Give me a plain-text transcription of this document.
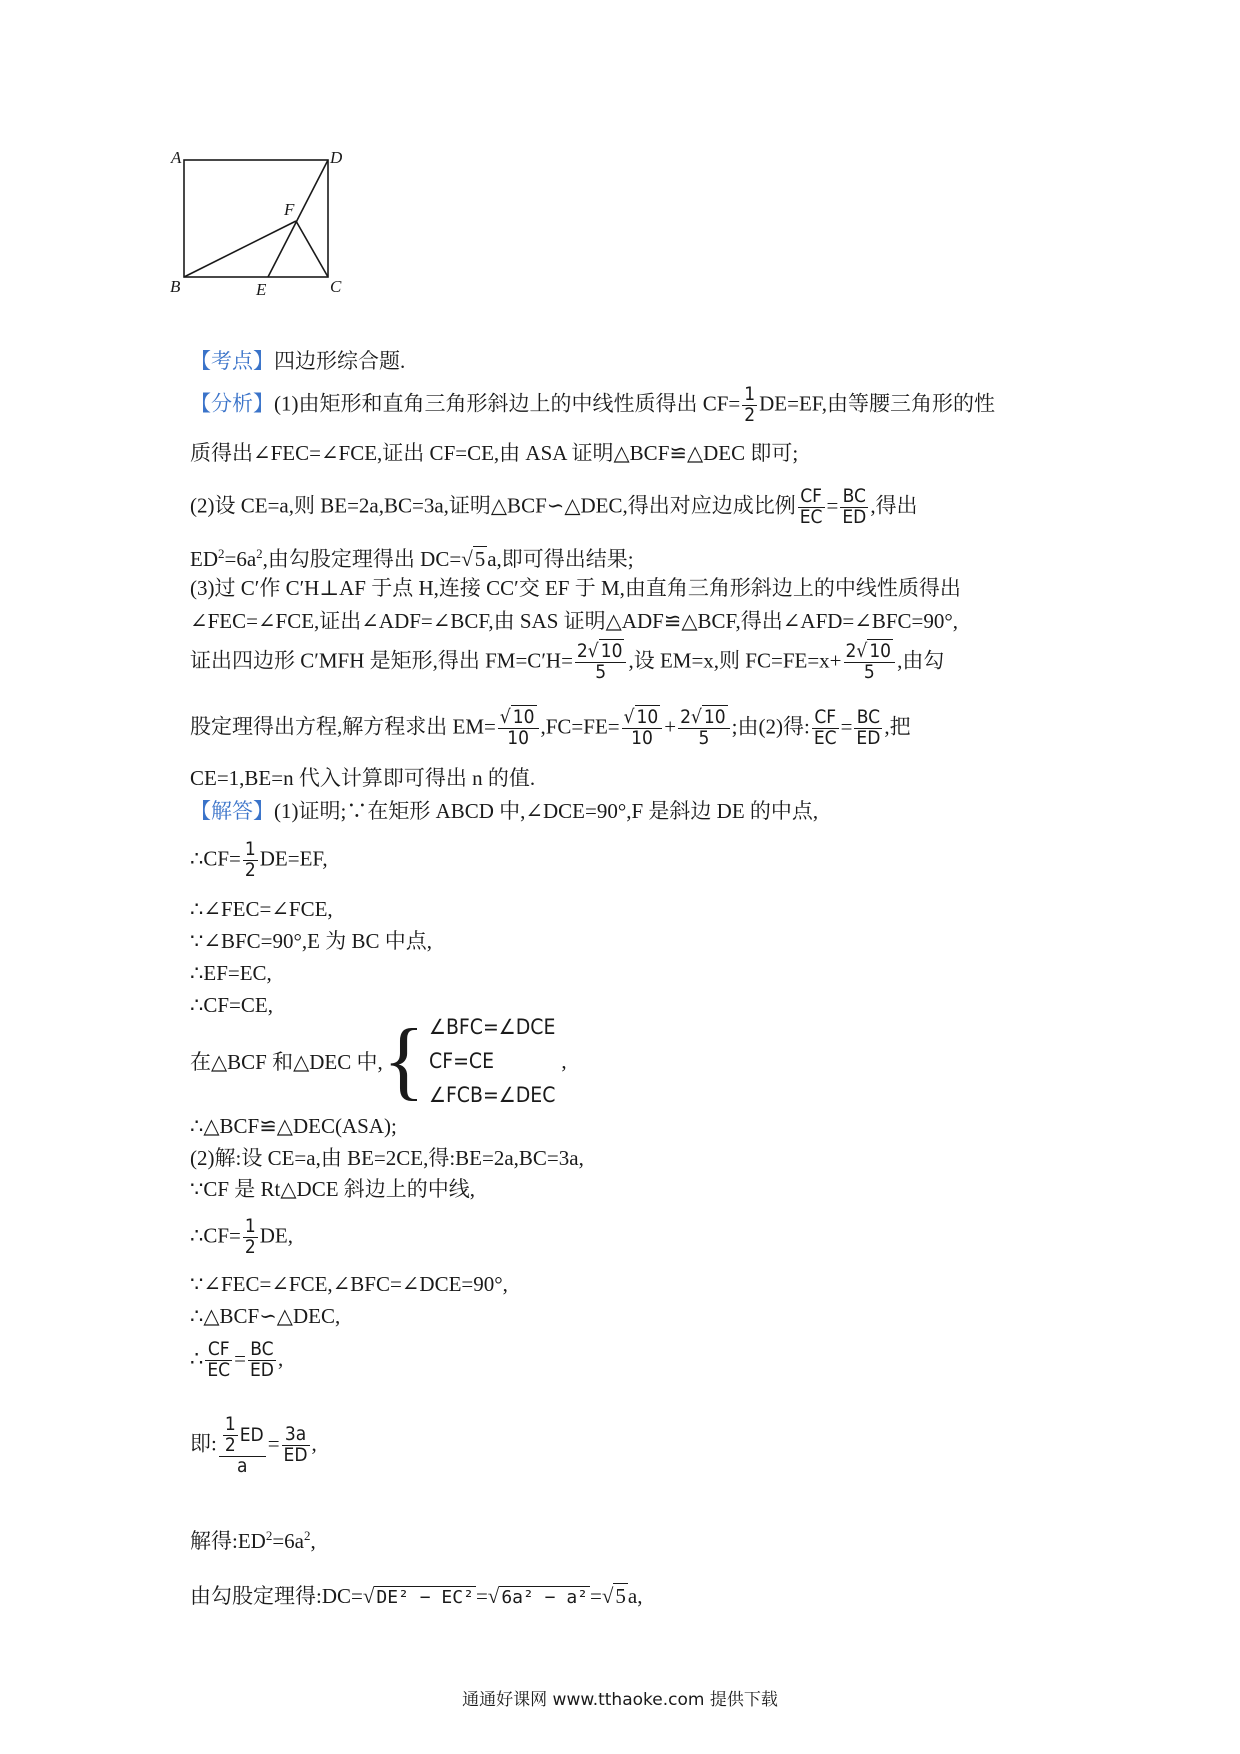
A	D
F
B	E	C
【考点】四边形综合题.
【分析】(1)由矩形和直角三角形斜边上的中线性质得出 $CF= \frac{1}{2} DE=EF$,由等腰三角形的性
质得出∠FEC=∠FCE,证出 CF=CE,由 ASA 证明△BCF≌△DEC 即可;
(2)设 CE=a,则 BE=2a,BC=3a,证明△BCF∽△DEC,得出对应边成比例 $\frac{CF}{EC} = \frac{BC}{ED}$ ,得出
$ED^2=6a^2$,由勾股定理得出 DC=√5a,即可得出结果;
(3)过 C′作 C′H⊥AF 于点 H,连接 CC′交 EF 于 M,由直角三角形斜边上的中线性质得出
∠FEC=∠FCE,证出∠ADF=∠BCF,由 SAS 证明△ADF≌△BCF,得出∠AFD=∠BFC=90°,
证出四边形 C′MFH 是矩形,得出 $FM=C'H= \frac{2√ 10}{5}$ ,设 EM=x,则 $FC=FE=x+ \frac{2√ 10}{5}$ ,由勾
股定理得出方程,解方程求出 $EM= \frac{√ 10}{10} ,FC=FE= \frac{√ 10}{10} + \frac{2√ 10}{5}$ ;由(2)得: $\frac{CF}{EC} = \frac{BC}{ED}$ ,把
CE=1,BE=n 代入计算即可得出 n 的值.
【解答】(1)证明;∵在矩形 ABCD 中,∠DCE=90°,F 是斜边 DE 的中点,
∴CF= $\frac{1}{2} DE=EF$,
∴∠FEC=∠FCE,
∵∠BFC=90°,E 为 BC 中点,
∴EF=EC,
∴CF=CE,
在△BCF 和△DEC 中,{ ∠BFC=∠DCE
CF=CE
∠FCB=∠DEC
,
∴△BCF≌△DEC(ASA);
(2)解:设 CE=a,由 BE=2CE,得:BE=2a,BC=3a,
∵CF 是 Rt△DCE 斜边上的中线,
∴CF= $\frac{1}{2}$ DE,
∵∠FEC=∠FCE,∠BFC=∠DCE=90°,
∴△BCF∽△DEC,
∴ $\frac{CF}{EC} = \frac{BC}{ED}$ ,
即: $\frac{\frac{1}{2} ED}{a} = \frac{3a}{ED}$ ,
解得$:ED^2=6a^2$,
由勾股定理得:DC=√ DE² − EC²=√ 6a² − a²=√5a,
通通好课网 www.tthaoke.com 提供下载
